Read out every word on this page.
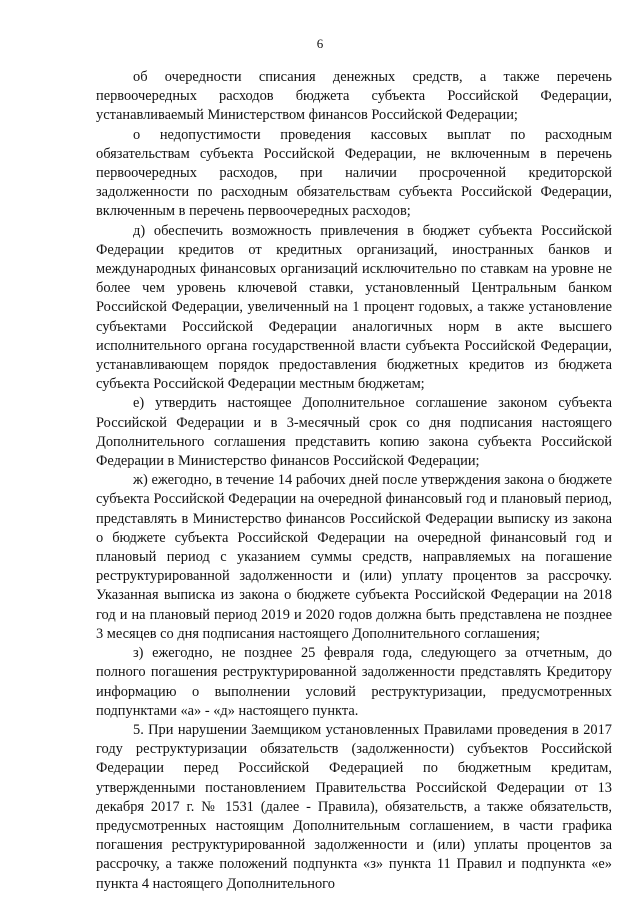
6

об очередности списания денежных средств, а также перечень первоочередных расходов бюджета субъекта Российской Федерации, устанавливаемый Министерством финансов Российской Федерации;

о недопустимости проведения кассовых выплат по расходным обязательствам субъекта Российской Федерации, не включенным в перечень первоочередных расходов, при наличии просроченной кредиторской задолженности по расходным обязательствам субъекта Российской Федерации, включенным в перечень первоочередных расходов;

д) обеспечить возможность привлечения в бюджет субъекта Российской Федерации кредитов от кредитных организаций, иностранных банков и международных финансовых организаций исключительно по ставкам на уровне не более чем уровень ключевой ставки, установленный Центральным банком Российской Федерации, увеличенный на 1 процент годовых, а также установление субъектами Российской Федерации аналогичных норм в акте высшего исполнительного органа государственной власти субъекта Российской Федерации, устанавливающем порядок предоставления бюджетных кредитов из бюджета субъекта Российской Федерации местным бюджетам;

е) утвердить настоящее Дополнительное соглашение законом субъекта Российской Федерации и в 3-месячный срок со дня подписания настоящего Дополнительного соглашения представить копию закона субъекта Российской Федерации в Министерство финансов Российской Федерации;

ж) ежегодно, в течение 14 рабочих дней после утверждения закона о бюджете субъекта Российской Федерации на очередной финансовый год и плановый период, представлять в Министерство финансов Российской Федерации выписку из закона о бюджете субъекта Российской Федерации на очередной финансовый год и плановый период с указанием суммы средств, направляемых на погашение реструктурированной задолженности и (или) уплату процентов за рассрочку. Указанная выписка из закона о бюджете субъекта Российской Федерации на 2018 год и на плановый период 2019 и 2020 годов должна быть представлена не позднее 3 месяцев со дня подписания настоящего Дополнительного соглашения;

з) ежегодно, не позднее 25 февраля года, следующего за отчетным, до полного погашения реструктурированной задолженности представлять Кредитору информацию о выполнении условий реструктуризации, предусмотренных подпунктами «а» - «д» настоящего пункта.

5. При нарушении Заемщиком установленных Правилами проведения в 2017 году реструктуризации обязательств (задолженности) субъектов Российской Федерации перед Российской Федерацией по бюджетным кредитам, утвержденными постановлением Правительства Российской Федерации от 13 декабря 2017 г. № 1531 (далее - Правила), обязательств, а также обязательств, предусмотренных настоящим Дополнительным соглашением, в части графика погашения реструктурированной задолженности и (или) уплаты процентов за рассрочку, а также положений подпункта «з» пункта 11 Правил и подпункта «е» пункта 4 настоящего Дополнительного
